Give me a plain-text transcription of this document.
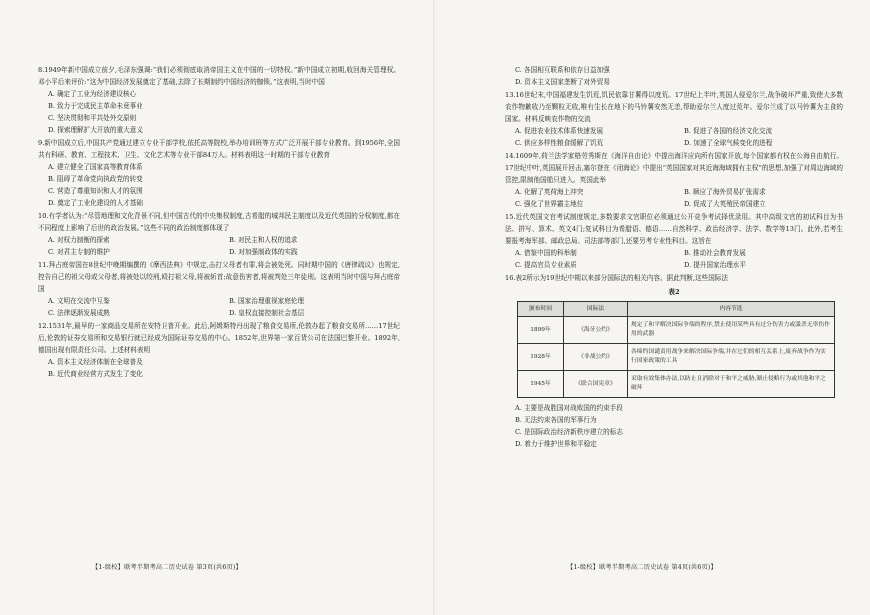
8.1949年新中国成立前夕,毛泽东强调:“我们必须彻底取消帝国主义在中国的一切特权。”新中国成立初期,收回海关管理权。邓小平后来评价:“这为中国经济发展奠定了基础,去除了长期制约中国经济的枷锁。”这表明,当时中国
A. 确定了工业为经济建设核心
B. 致力于完成民主革命未竟事业
C. 坚决贯彻和平共处外交原则
D. 探索理解扩大开放的重大意义
9.新中国成立后,中国共产党通过建立专业干部学校,依托高等院校,举办培训班等方式广泛开展干部专业教育。到1956年,全国共有科研、教育、工程技术、卫生、文化艺术等专业干部84万人。材料表明这一时期的干部专业教育
A. 建立健全了国家高等教育体系
B. 阻碍了革命党向执政党的转变
C. 营造了尊重知识和人才的氛围
D. 奠定了工业化建设的人才基础
10.有学者认为:“尽管地理和文化背景不同,但中国古代的中央集权制度,古希腊的城邦民主制度以及近代英国的分权制度,都在不同程度上影响了后世的政治发展。”这些不同的政治制度都体现了
A. 对权力制衡的探索	B. 对民主和人权的追求
C. 对君主专制的维护	D. 对加强制政体的实践
11.拜占庭帝国在8世纪中晚期编撰的《摩西法典》中规定,击打父母者有罪,将会被处死。同时期中国的《唐律疏议》也规定,控告自己的祖父母或父母者,将被处以绞刑,殴打祖父母,将被斩首;故意伤害者,将被判处三年徒刑。这表明当时中国与拜占庭帝国
A. 文明在交流中互鉴	B. 国家治理重视家庭伦理
C. 法律逐渐发展成熟	D. 皇权直接控制社会基层
12.1531年,最早的一家商品交易所在安特卫普开业。此后,阿姆斯特丹出现了粮食交易所,伦敦办起了粮食交易所……17世纪后,伦敦的证券交易所和交易银行就已经成为国际证券交易的中心。1852年,世界第一家百货公司在法国巴黎开业。1892年,德国出现有限责任公司。上述材料表明
A. 资本主义经济体制在全球普及
B. 近代商业经营方式发生了变化
【1-级校】联考半期考高二历史试卷 第3页(共6页)】
C. 各国相互联系和依存日益加强
D. 资本主义国家垄断了对外贸易
13.16世纪末,中国福建发生饥荒,饥民依靠甘薯得以度荒。17世纪上半叶,英国人侵爱尔兰,战争破坏严重,致使大多数农作物歉收乃至颗粒无收,唯有生长在地下的马铃薯安然无恙,帮助爱尔兰人度过荒年。爱尔兰成了以马铃薯为主食的国家。材料反映农作物的交流
A. 促进农业技术体系快速发展	B. 促进了各国的经济文化交流
C. 供应多样性粮食缓解了饥荒	D. 加速了全球气候变化的进程
14.1609年,荷兰法学家格劳秀斯在《海洋自由论》中提出海洋应向所有国家开放,每个国家都有权在公海自由航行。17世纪中叶,英国展开回击,塞尔登在《闭海论》中提出“英国国家对其近海海域拥有主权”的思想,加强了对周边海域的管控,限制他国船只进入。英国此举
A. 化解了英荷海上冲突	B. 顺应了海外贸易扩张需求
C. 强化了世界霸主地位	D. 促成了大英殖民帝国建立
15.近代英国文官考试制度规定,多数要求文官职位必须通过公开竞争考试择优录用。其中高级文官的初试科目为书法、拼写、算术、英文4门;复试科目为希腊语、德语……自然科学、政治经济学、法学、数学等13门。此外,若考生要报考海军部、邮政总局、司法部等部门,还要另考专业性科目。这旨在
A. 借鉴中国的科举制	B. 推动社会教育发展
C. 提高官员专业素质	D. 提升国家治理水平
16.表2所示为19世纪中期以来部分国际法的相关内容。据此判断,这些国际法
表2
颁布时间	国际法	内容节选
1899年	《海牙公约》	规定了和平解决国际争端的程序,禁止使用某些具有过分伤害力或滥杀无辜伤作用的武器
1928年	《非战公约》	各缔约国谴责用战争来解决国际争端,并在它们的相互关系上,废弃战争作为实行国家政策的工具
1945年	《联合国宪章》	采取有效集体办法,以防止且消除对于和平之威胁,制止侵略行为或其他和平之破坏
A. 主要是战胜国对战败国的约束手段
B. 无法约束各国的军事行为
C. 是国际政治经济新秩序建立的标志
D. 着力于维护世界和平稳定
【1-级校】联考半期考高二历史试卷 第4页(共6页)】
